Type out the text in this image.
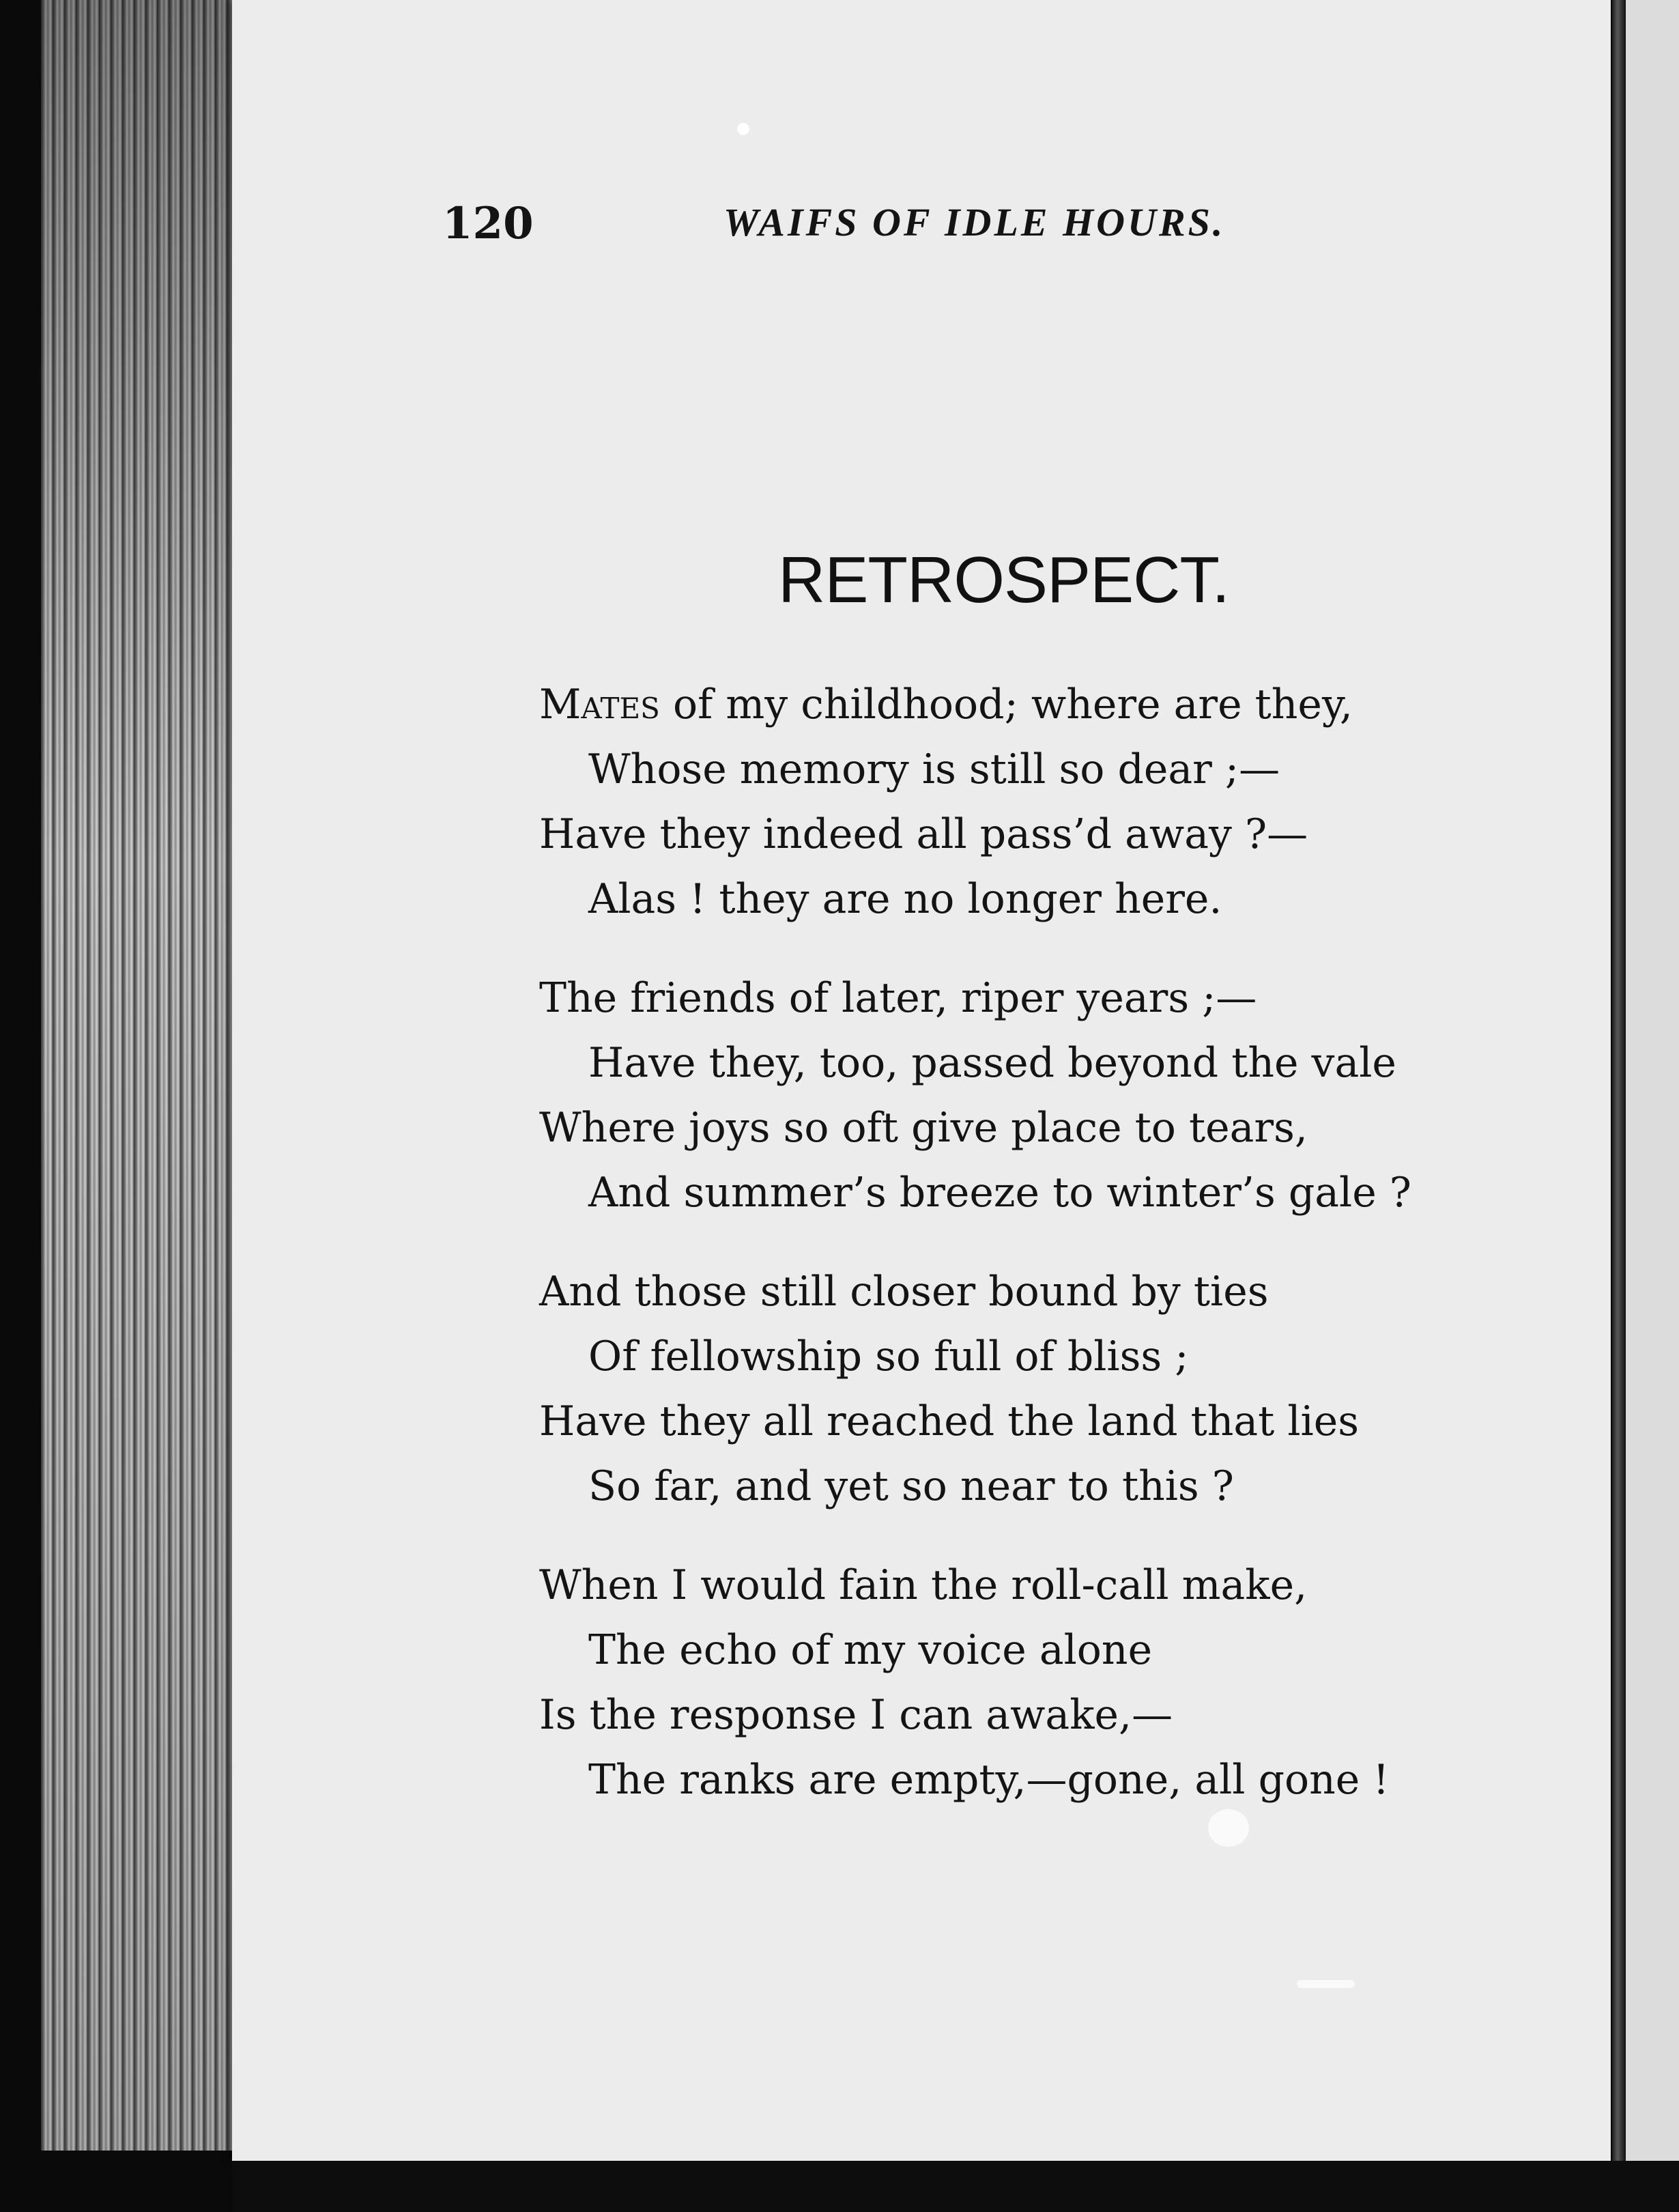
120	WAIFS OF IDLE HOURS.
RETROSPECT.
Mates of my childhood; where are they,
Whose memory is still so dear ;—
Have they indeed all pass’d away ?—
Alas ! they are no longer here.
The friends of later, riper years ;—
Have they, too, passed beyond the vale
Where joys so oft give place to tears,
And summer’s breeze to winter’s gale ?
And those still closer bound by ties
Of fellowship so full of bliss ;
Have they all reached the land that lies
So far, and yet so near to this ?
When I would fain the roll-call make,
The echo of my voice alone
Is the response I can awake,—
The ranks are empty,—gone, all gone !
